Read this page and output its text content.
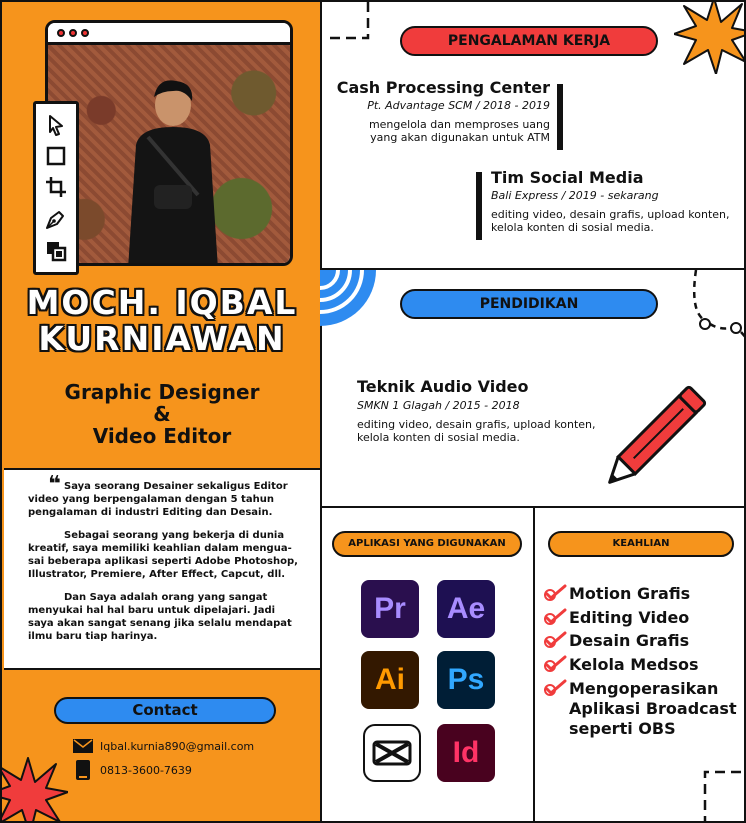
MOCH. IQBAL
KURNIAWAN
Graphic Designer
&
Video Editor
❝ Saya seorang Desainer sekaligus Editor
video yang berpengalaman dengan 5 tahun
pengalaman di industri Editing dan Desain.

Sebagai seorang yang bekerja di dunia
kreatif, saya memiliki keahlian dalam mengua-
sai beberapa aplikasi seperti Adobe Photoshop,
Illustrator, Premiere, After Effect, Capcut, dll.

Dan Saya adalah orang yang sangat
menyukai hal hal baru untuk dipelajari. Jadi
saya akan sangat senang jika selalu mendapat
ilmu baru tiap harinya.

Contact
Iqbal.kurnia890@gmail.com
0813-3600-7639
PENGALAMAN KERJA
Cash Processing Center
Pt. Advantage SCM / 2018 - 2019
mengelola dan memproses uang
yang akan digunakan untuk ATM
Tim Social Media
Bali Express / 2019 - sekarang
editing video, desain grafis, upload konten,
kelola konten di sosial media.
PENDIDIKAN
Teknik Audio Video
SMKN 1 Glagah / 2015 - 2018
editing video, desain grafis, upload konten,
kelola konten di sosial media.
APLIKASI YANG DIGUNAKAN
Pr	Ae
Ai	Ps
Id
KEAHLIAN
Motion Grafis
Editing Video
Desain Grafis
Kelola Medsos
Mengoperasikan
Aplikasi Broadcast
seperti OBS
